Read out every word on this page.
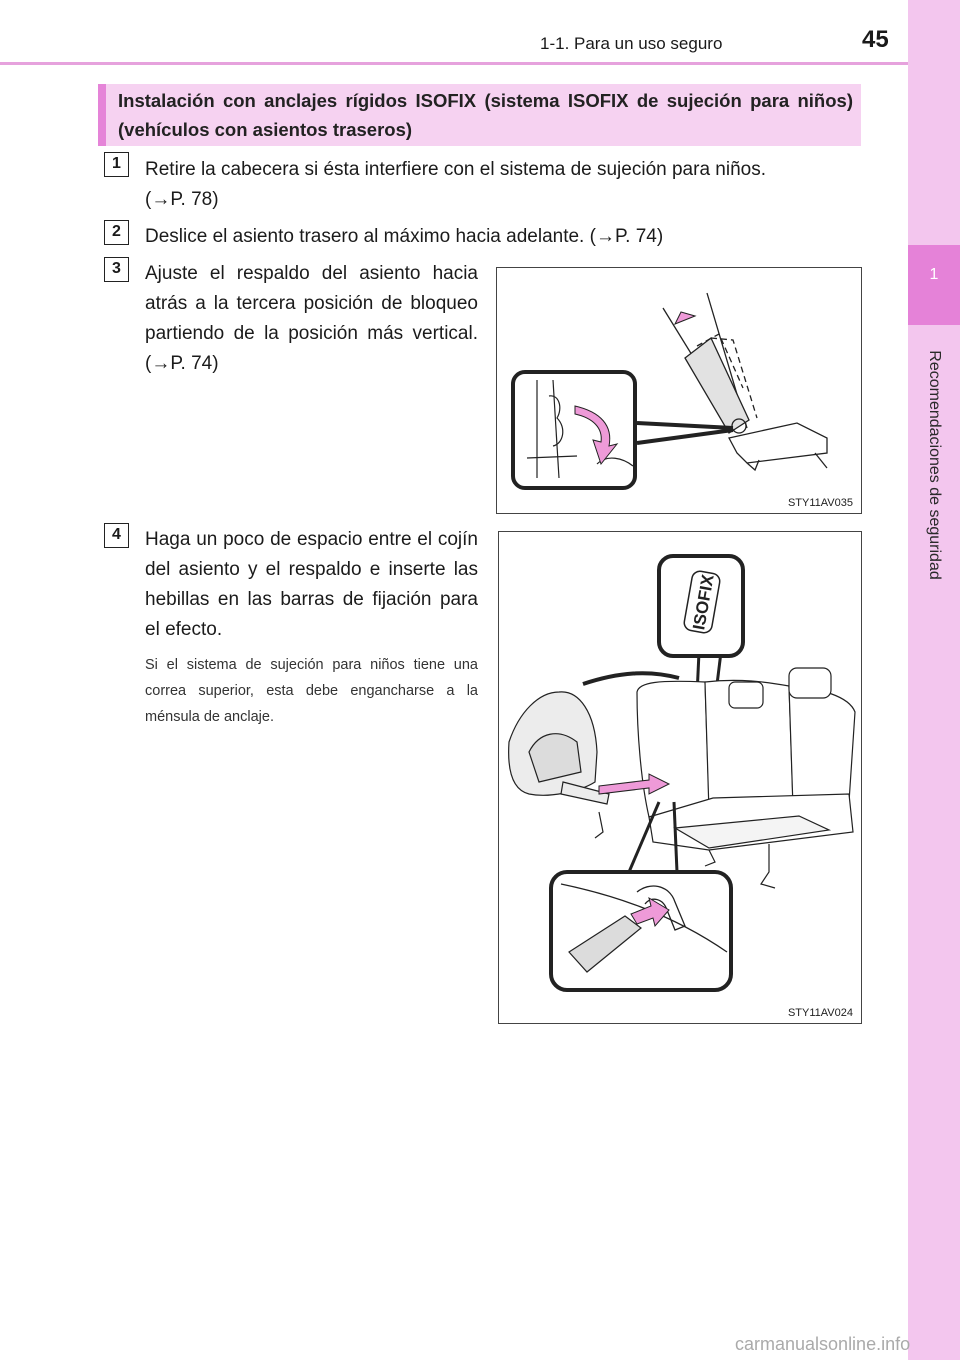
1-1. Para un uso seguro	45
1
Recomendaciones de seguridad
Instalación con anclajes rígidos ISOFIX (sistema ISOFIX de sujeción para niños) (vehículos con asientos traseros)
1	Retire la cabecera si ésta interfiere con el sistema de sujeción para niños.
(→P. 78)
2	Deslice el asiento trasero al máximo hacia adelante. (→P. 74)
3	Ajuste el respaldo del asiento hacia atrás a la tercera posición de bloqueo partiendo de la posición más vertical. (→P. 74)
STY11AV035
4	Haga un poco de espacio entre el cojín del asiento y el respaldo e inserte las hebillas en las barras de fijación para el efecto.
Si el sistema de sujeción para niños tiene una correa superior, esta debe engancharse a la ménsula de anclaje.
ISOFIX
STY11AV024
carmanualsonline.info
